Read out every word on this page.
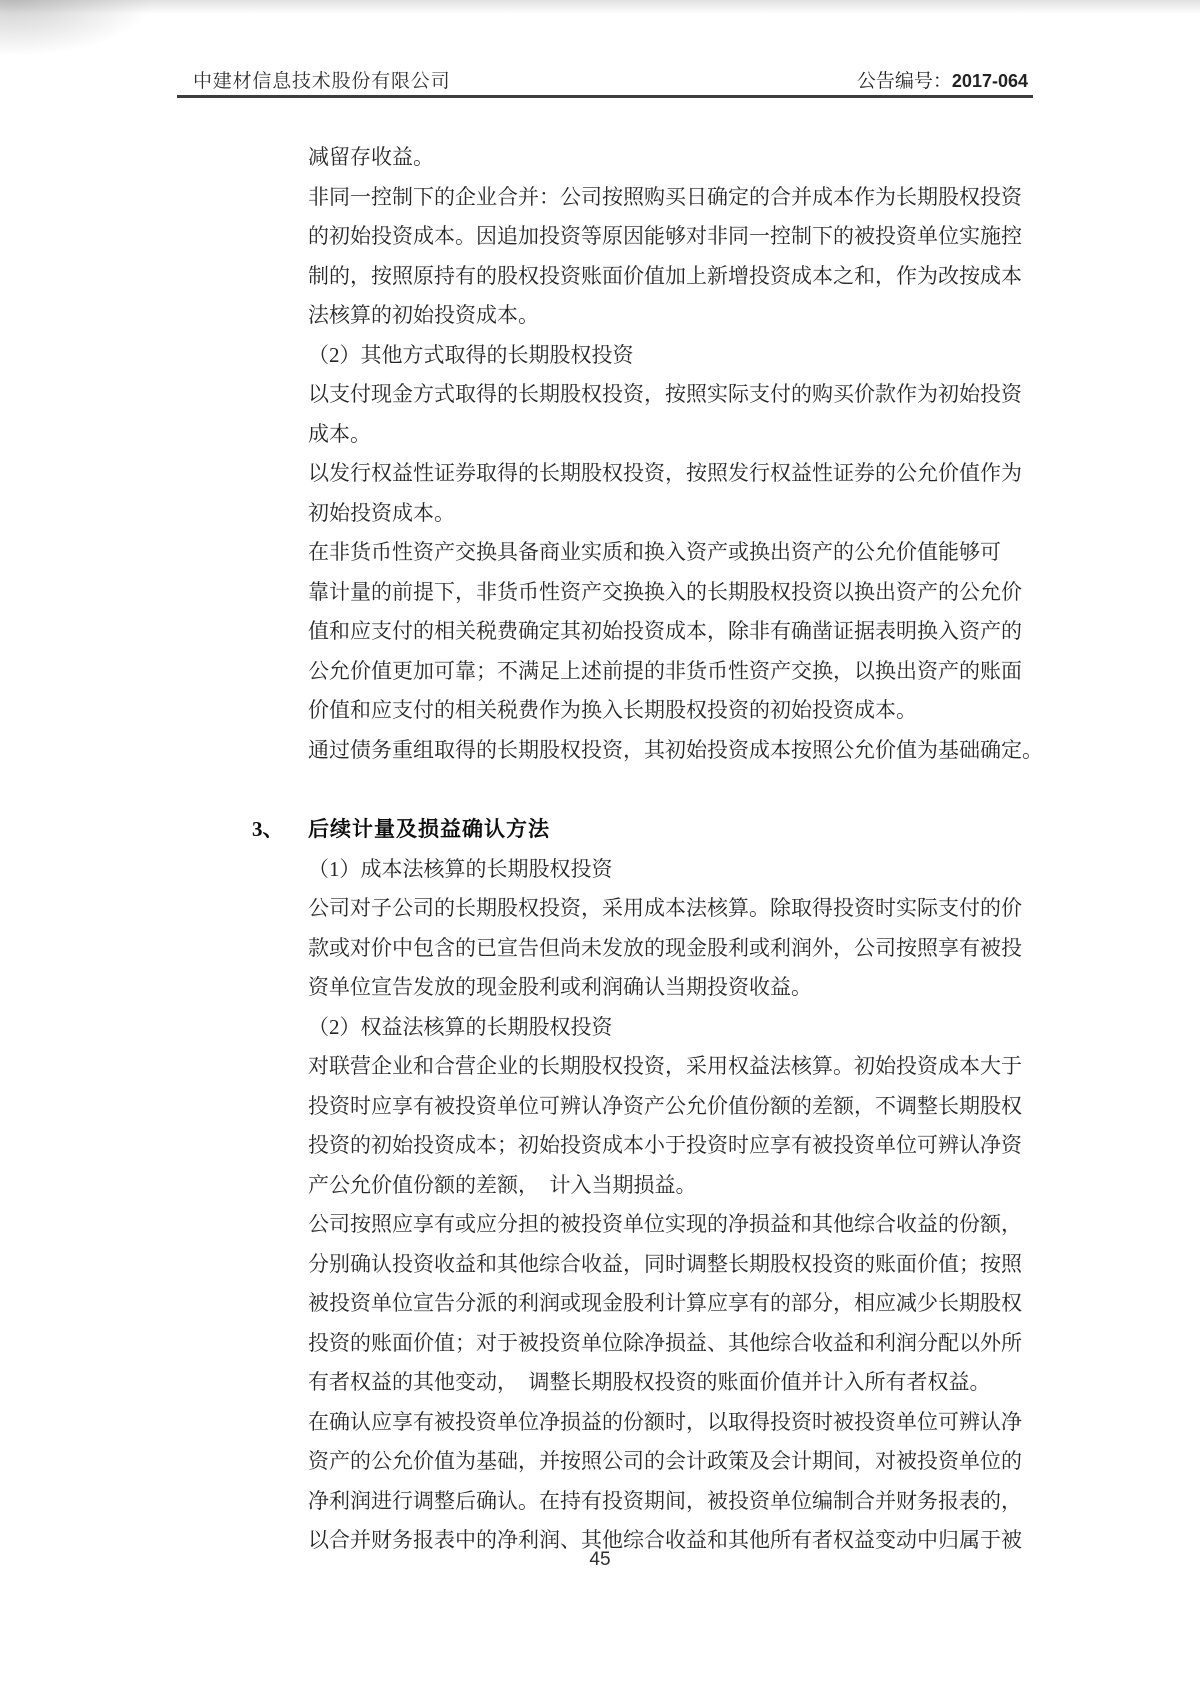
中建材信息技术股份有限公司	公告编号：2017-064
减留存收益。
非同一控制下的企业合并：公司按照购买日确定的合并成本作为长期股权投资
的初始投资成本。因追加投资等原因能够对非同一控制下的被投资单位实施控
制的，按照原持有的股权投资账面价值加上新增投资成本之和，作为改按成本
法核算的初始投资成本。
（2）其他方式取得的长期股权投资
以支付现金方式取得的长期股权投资，按照实际支付的购买价款作为初始投资
成本。
以发行权益性证券取得的长期股权投资，按照发行权益性证券的公允价值作为
初始投资成本。
在非货币性资产交换具备商业实质和换入资产或换出资产的公允价值能够可
靠计量的前提下，非货币性资产交换换入的长期股权投资以换出资产的公允价
值和应支付的相关税费确定其初始投资成本，除非有确凿证据表明换入资产的
公允价值更加可靠；不满足上述前提的非货币性资产交换，以换出资产的账面
价值和应支付的相关税费作为换入长期股权投资的初始投资成本。
通过债务重组取得的长期股权投资，其初始投资成本按照公允价值为基础确定。
3、 后续计量及损益确认方法
（1）成本法核算的长期股权投资
公司对子公司的长期股权投资，采用成本法核算。除取得投资时实际支付的价
款或对价中包含的已宣告但尚未发放的现金股利或利润外，公司按照享有被投
资单位宣告发放的现金股利或利润确认当期投资收益。
（2）权益法核算的长期股权投资
对联营企业和合营企业的长期股权投资，采用权益法核算。初始投资成本大于
投资时应享有被投资单位可辨认净资产公允价值份额的差额，不调整长期股权
投资的初始投资成本；初始投资成本小于投资时应享有被投资单位可辨认净资
产公允价值份额的差额，　计入当期损益。
公司按照应享有或应分担的被投资单位实现的净损益和其他综合收益的份额，
分别确认投资收益和其他综合收益，同时调整长期股权投资的账面价值；按照
被投资单位宣告分派的利润或现金股利计算应享有的部分，相应减少长期股权
投资的账面价值；对于被投资单位除净损益、其他综合收益和利润分配以外所
有者权益的其他变动，　调整长期股权投资的账面价值并计入所有者权益。
在确认应享有被投资单位净损益的份额时，以取得投资时被投资单位可辨认净
资产的公允价值为基础，并按照公司的会计政策及会计期间，对被投资单位的
净利润进行调整后确认。在持有投资期间，被投资单位编制合并财务报表的，
以合并财务报表中的净利润、其他综合收益和其他所有者权益变动中归属于被
45
